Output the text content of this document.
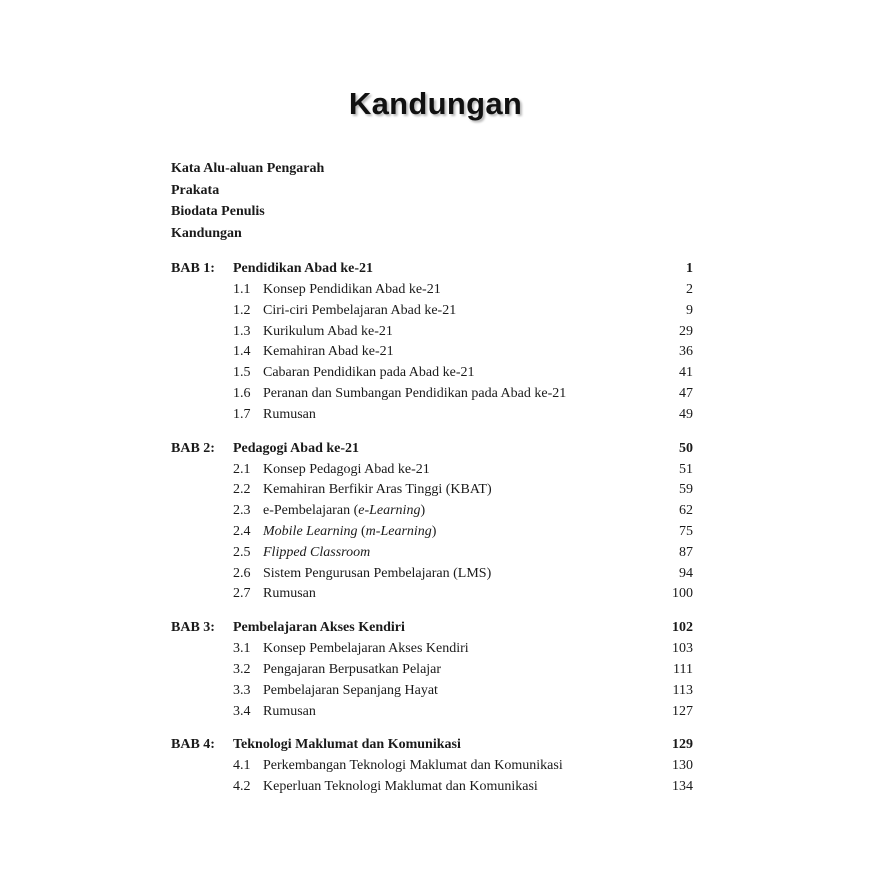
Kandungan
Kata Alu-aluan Pengarah
Prakata
Biodata Penulis
Kandungan
BAB 1:	Pendidikan Abad ke-21	1
1.1 Konsep Pendidikan Abad ke-21	2
1.2 Ciri-ciri Pembelajaran Abad ke-21	9
1.3 Kurikulum Abad ke-21	29
1.4 Kemahiran Abad ke-21	36
1.5 Cabaran Pendidikan pada Abad ke-21	41
1.6 Peranan dan Sumbangan Pendidikan pada Abad ke-21	47
1.7 Rumusan	49
BAB 2:	Pedagogi Abad ke-21	50
2.1 Konsep Pedagogi Abad ke-21	51
2.2 Kemahiran Berfikir Aras Tinggi (KBAT)	59
2.3 e-Pembelajaran (e-Learning)	62
2.4 Mobile Learning (m-Learning)	75
2.5 Flipped Classroom	87
2.6 Sistem Pengurusan Pembelajaran (LMS)	94
2.7 Rumusan	100
BAB 3:	Pembelajaran Akses Kendiri	102
3.1 Konsep Pembelajaran Akses Kendiri	103
3.2 Pengajaran Berpusatkan Pelajar	111
3.3 Pembelajaran Sepanjang Hayat	113
3.4 Rumusan	127
BAB 4:	Teknologi Maklumat dan Komunikasi	129
4.1 Perkembangan Teknologi Maklumat dan Komunikasi	130
4.2 Keperluan Teknologi Maklumat dan Komunikasi	134
